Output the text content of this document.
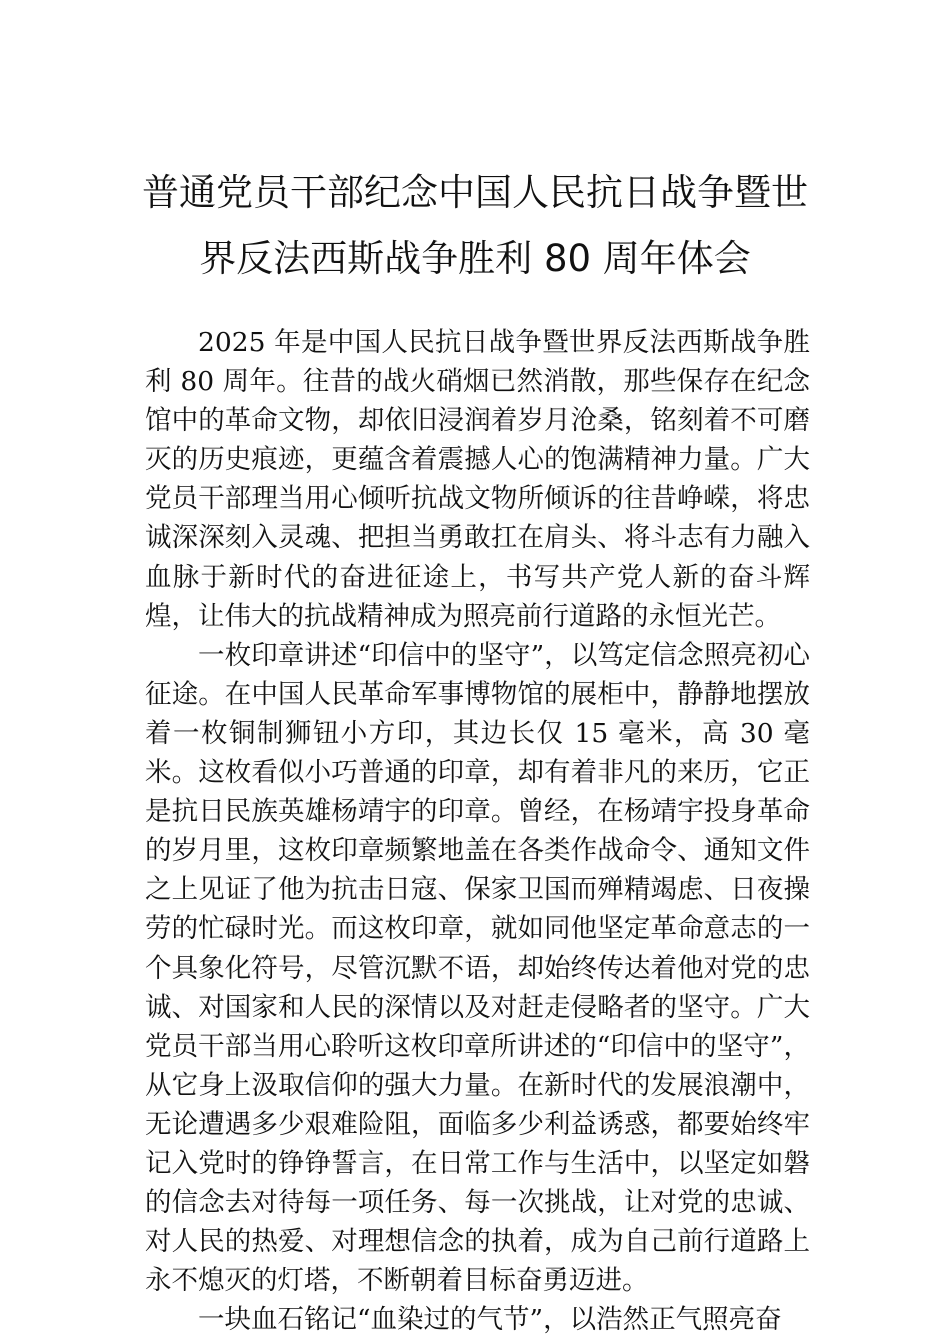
普通党员干部纪念中国人民抗日战争暨世
界反法西斯战争胜利 80 周年体会

2025 年是中国人民抗日战争暨世界反法西斯战争胜利 80 周年。往昔的战火硝烟已然消散，那些保存在纪念馆中的革命文物，却依旧浸润着岁月沧桑，铭刻着不可磨灭的历史痕迹，更蕴含着震撼人心的饱满精神力量。广大党员干部理当用心倾听抗战文物所倾诉的往昔峥嵘，将忠诚深深刻入灵魂、把担当勇敢扛在肩头、将斗志有力融入血脉于新时代的奋进征途上，书写共产党人新的奋斗辉煌，让伟大的抗战精神成为照亮前行道路的永恒光芒。

一枚印章讲述“印信中的坚守”，以笃定信念照亮初心征途。在中国人民革命军事博物馆的展柜中，静静地摆放着一枚铜制狮钮小方印，其边长仅 15 毫米，高 30 毫米。这枚看似小巧普通的印章，却有着非凡的来历，它正是抗日民族英雄杨靖宇的印章。曾经，在杨靖宇投身革命的岁月里，这枚印章频繁地盖在各类作战命令、通知文件之上见证了他为抗击日寇、保家卫国而殚精竭虑、日夜操劳的忙碌时光。而这枚印章，就如同他坚定革命意志的一个具象化符号，尽管沉默不语，却始终传达着他对党的忠诚、对国家和人民的深情以及对赶走侵略者的坚守。广大党员干部当用心聆听这枚印章所讲述的“印信中的坚守”，从它身上汲取信仰的强大力量。在新时代的发展浪潮中，无论遭遇多少艰难险阻，面临多少利益诱惑，都要始终牢记入党时的铮铮誓言，在日常工作与生活中，以坚定如磐的信念去对待每一项任务、每一次挑战，让对党的忠诚、对人民的热爱、对理想信念的执着，成为自己前行道路上永不熄灭的灯塔，不断朝着目标奋勇迈进。

一块血石铭记“血染过的气节”，以浩然正气照亮奋
